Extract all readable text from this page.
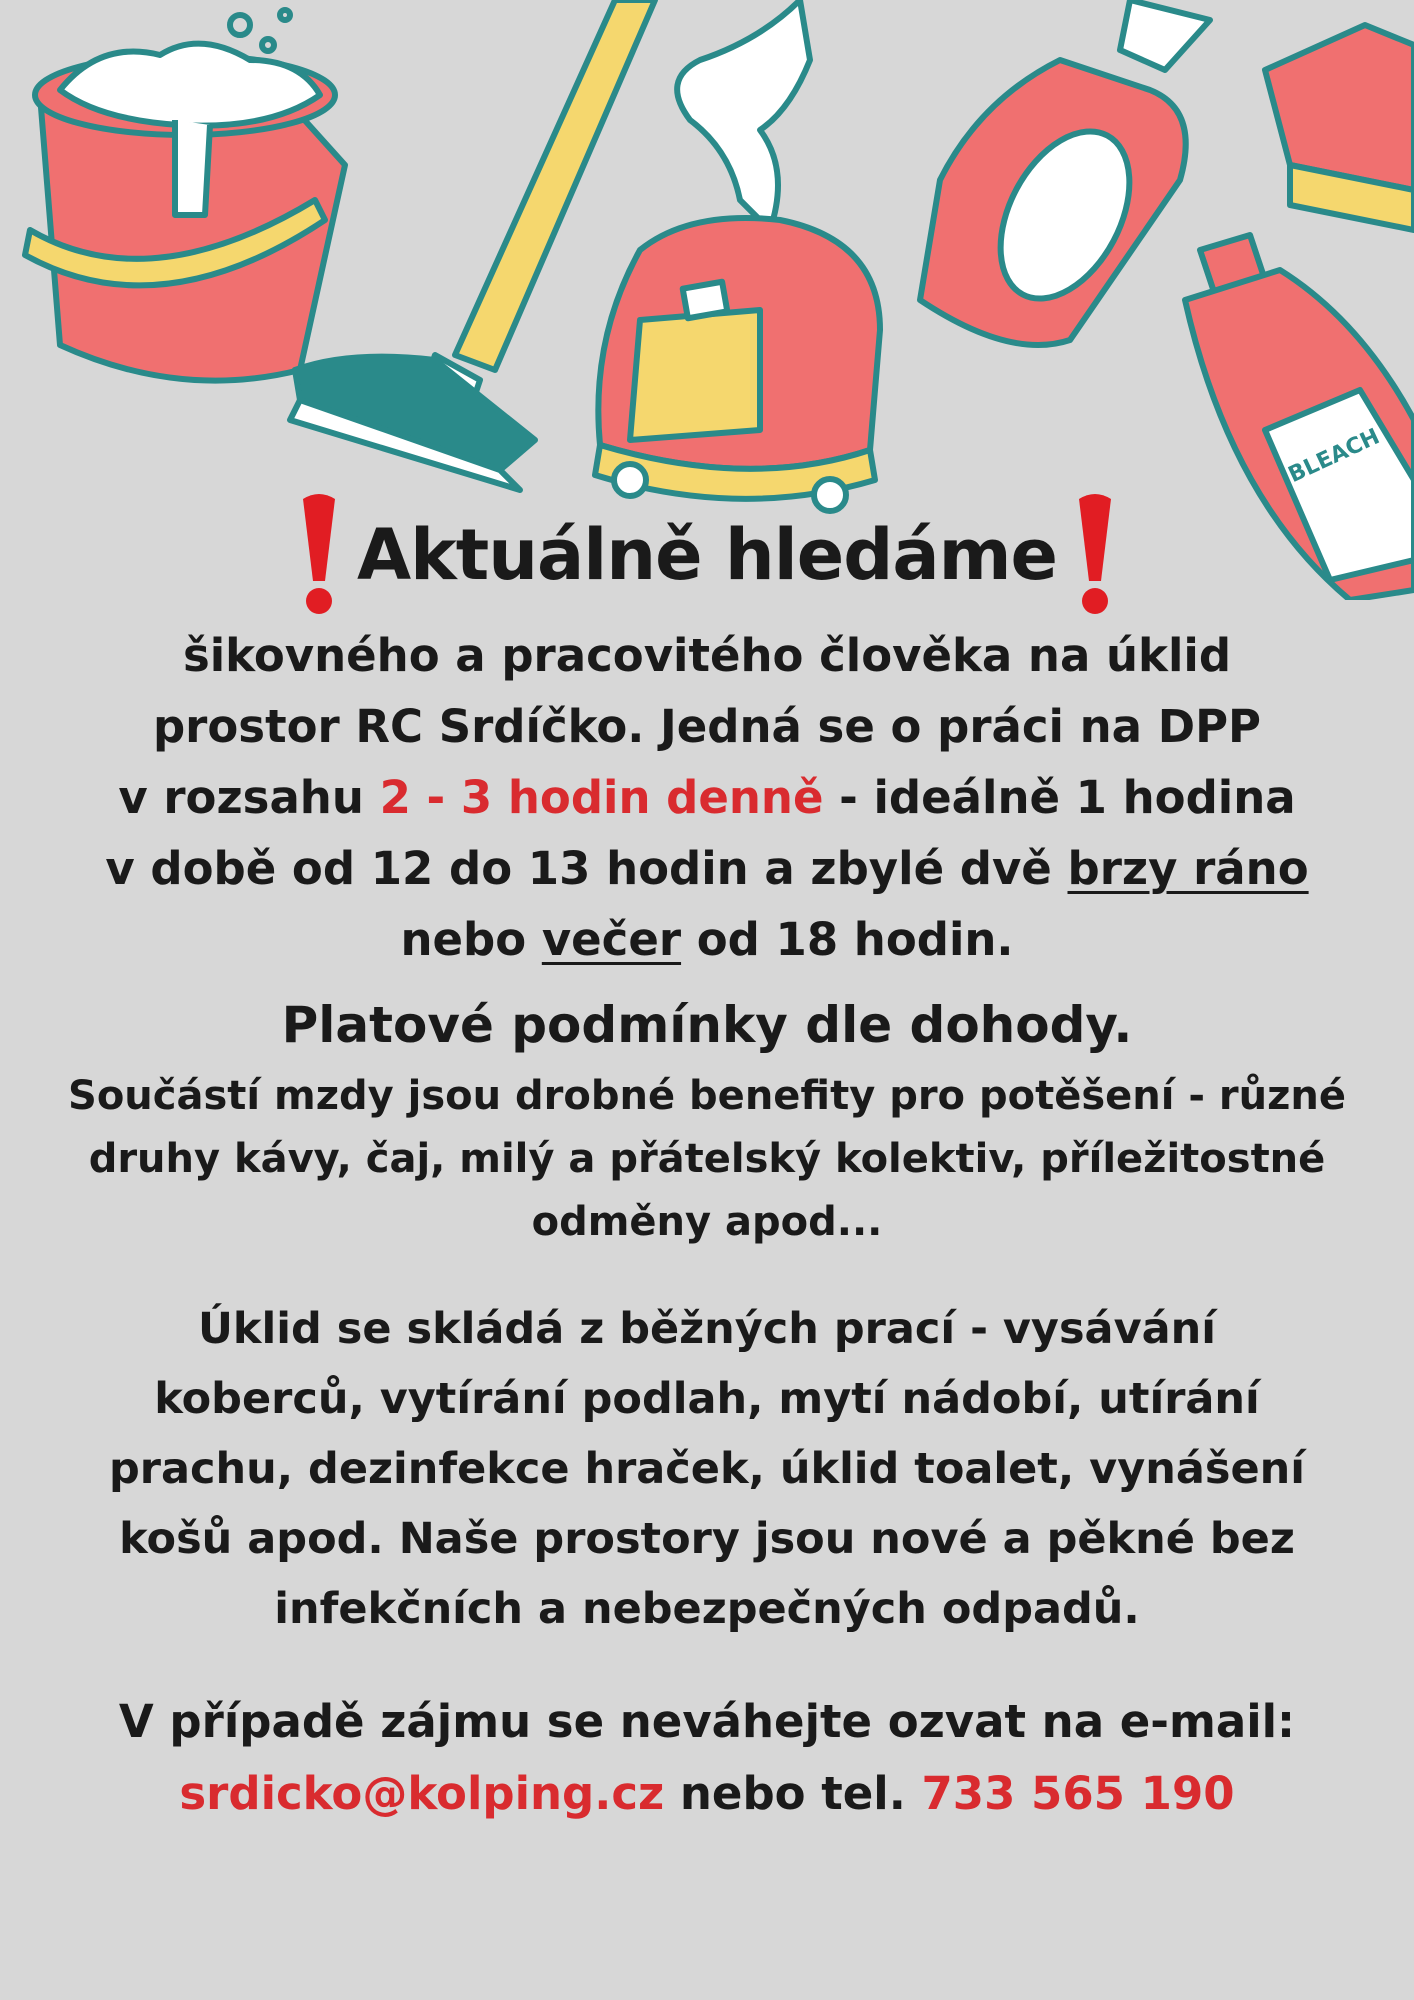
BLEACH
Aktuálně hledáme

šikovného a pracovitého člověka na úklid
prostor RC Srdíčko. Jedná se o práci na DPP
v rozsahu 2 - 3 hodin denně - ideálně 1 hodina
v době od 12 do 13 hodin a zbylé dvě brzy ráno
nebo večer od 18 hodin.

Platové podmínky dle dohody.

Součástí mzdy jsou drobné benefity pro potěšení - různé
druhy kávy, čaj, milý a přátelský kolektiv, příležitostné
odměny apod...

Úklid se skládá z běžných prací - vysávání
koberců, vytírání podlah, mytí nádobí, utírání
prachu, dezinfekce hraček, úklid toalet, vynášení
košů apod. Naše prostory jsou nové a pěkné bez
infekčních a nebezpečných odpadů.

V případě zájmu se neváhejte ozvat na e-mail:
srdicko@kolping.cz nebo tel. 733 565 190
